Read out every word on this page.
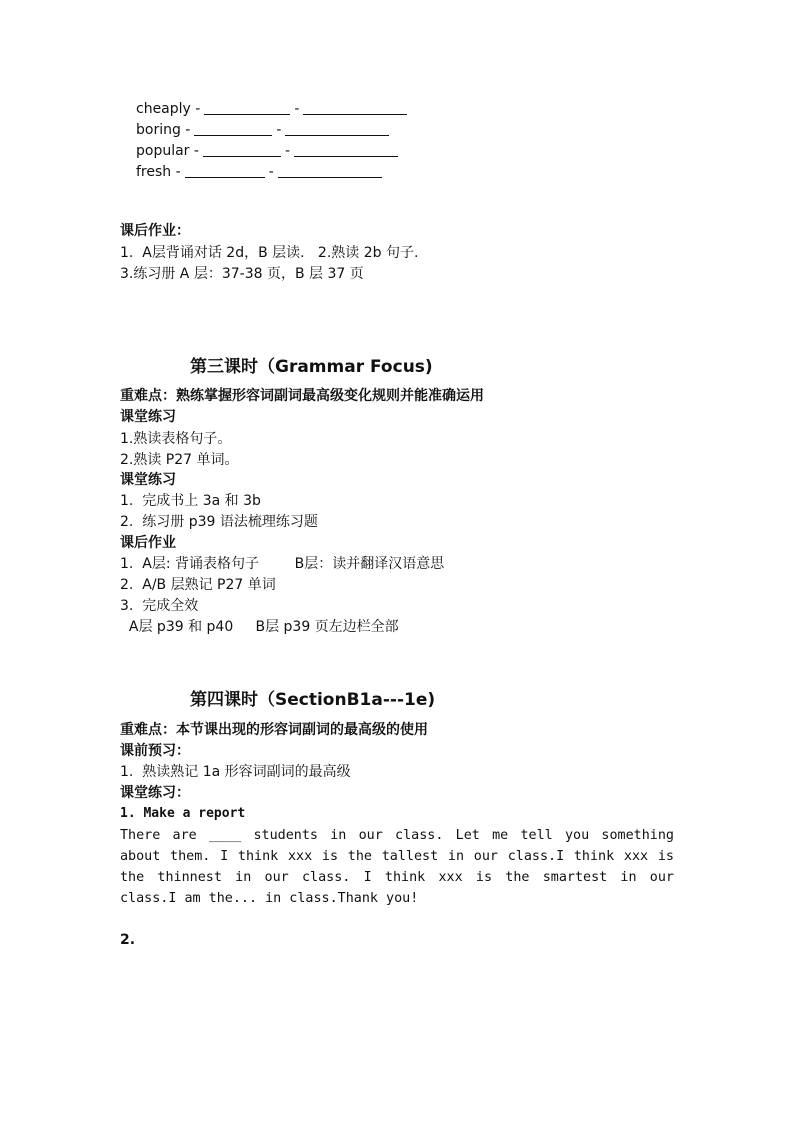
cheaply -	-
boring -	-
popular -	-
fresh -	-
课后作业：
1.  A层背诵对话 2d，B 层读.   2.熟读 2b 句子.
3.练习册 A 层：37-38 页，B 层 37 页
第三课时（Grammar Focus)
重难点：熟练掌握形容词副词最高级变化规则并能准确运用
课堂练习
1.熟读表格句子。
2.熟读 P27 单词。
课堂练习
1.  完成书上 3a 和 3b
2.  练习册 p39 语法梳理练习题
课后作业
1.  A层: 背诵表格句子        B层：读并翻译汉语意思
2.  A/B 层熟记 P27 单词
3.  完成全效
A层 p39 和 p40     B层 p39 页左边栏全部
第四课时（SectionB1a---1e)
重难点：本节课出现的形容词副词的最高级的使用
课前预习：
1.  熟读熟记 1a 形容词副词的最高级
课堂练习：
1. Make a report
There are ____ students in our class. Let me tell you something about them. I think xxx is the tallest in our class.I think xxx is the thinnest in our class. I think xxx is the smartest in our class.I am the... in class.Thank you!
2.
